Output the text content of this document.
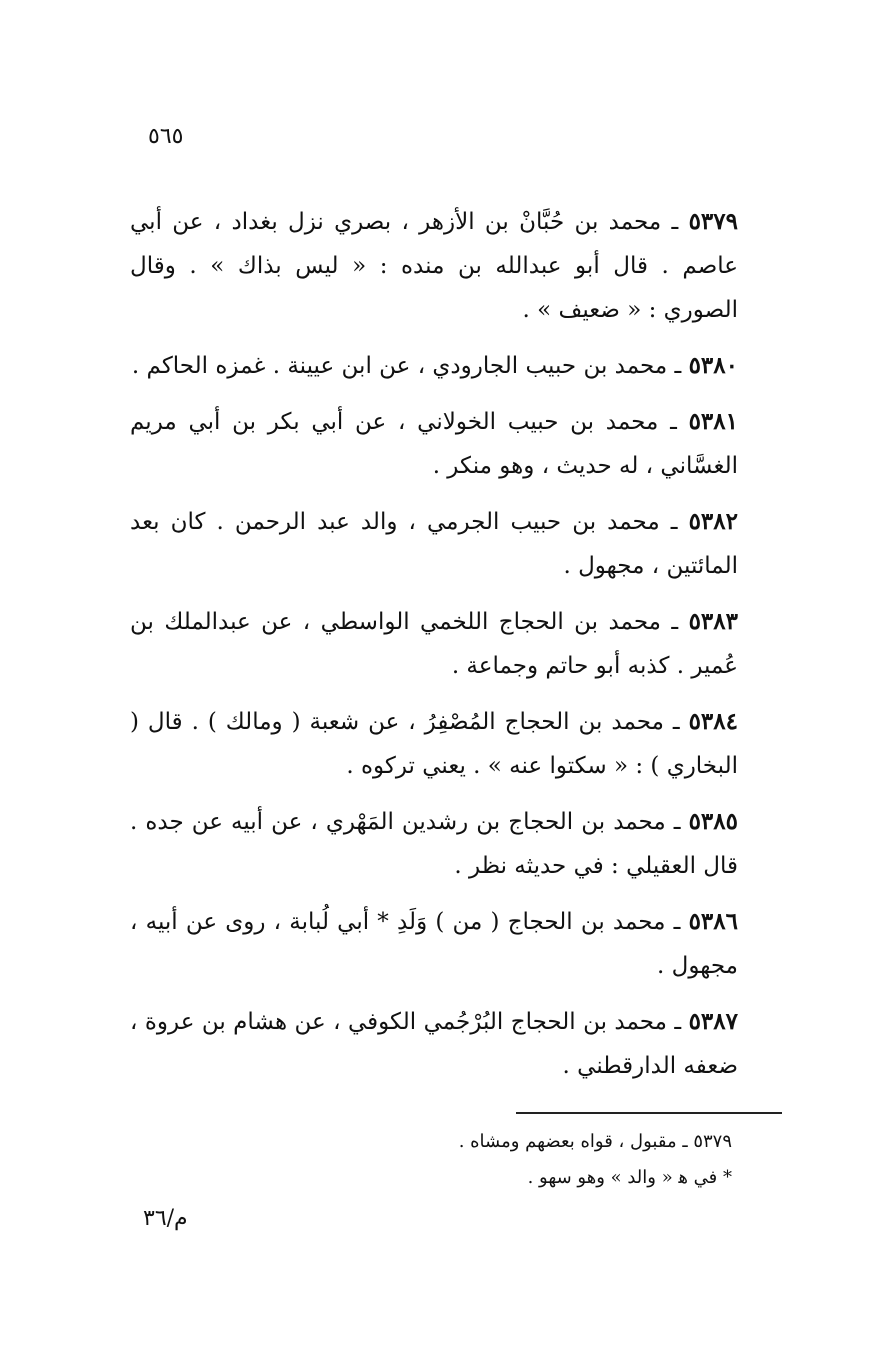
٥٦٥

٥٣٧٩ ـ محمد بن حُبَّانْ بن الأزهر ، بصري نزل بغداد ، عن أبي عاصم . قال أبو عبدالله بن منده : « ليس بذاك » . وقال الصوري : « ضعيف » .

٥٣٨٠ ـ محمد بن حبيب الجارودي ، عن ابن عيينة . غمزه الحاكم .

٥٣٨١ ـ محمد بن حبيب الخولاني ، عن أبي بكر بن أبي مريم الغسَّاني ، له حديث ، وهو منكر .

٥٣٨٢ ـ محمد بن حبيب الجرمي ، والد عبد الرحمن . كان بعد المائتين ، مجهول .

٥٣٨٣ ـ محمد بن الحجاج اللخمي الواسطي ، عن عبدالملك بن عُمير . كذبه أبو حاتم وجماعة .

٥٣٨٤ ـ محمد بن الحجاج المُصْفِرُ ، عن شعبة ( ومالك ) . قال ( البخاري ) : « سكتوا عنه » . يعني تركوه .

٥٣٨٥ ـ محمد بن الحجاج بن رشدين المَهْري ، عن أبيه عن جده . قال العقيلي : في حديثه نظر .

٥٣٨٦ ـ محمد بن الحجاج ( من ) وَلَدِ * أبي لُبابة ، روى عن أبيه ، مجهول .

٥٣٨٧ ـ محمد بن الحجاج البُرْجُمي الكوفي ، عن هشام بن عروة ، ضعفه الدارقطني .

٥٣٧٩ ـ مقبول ، قواه بعضهم ومشاه .

* في ﻫ « والد » وهو سهو .

م/٣٦
